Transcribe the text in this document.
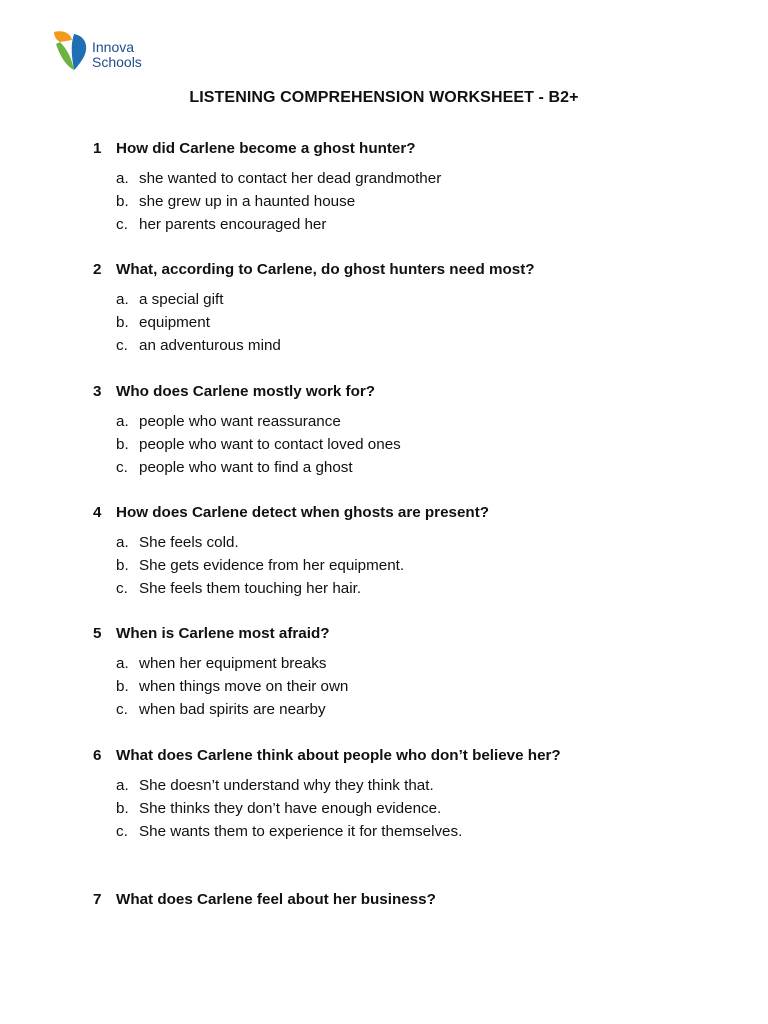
Innova
Schools
LISTENING COMPREHENSION WORKSHEET - B2+
1 How did Carlene become a ghost hunter?
a. she wanted to contact her dead grandmother
b. she grew up in a haunted house
c. her parents encouraged her
2 What, according to Carlene, do ghost hunters need most?
a. a special gift
b. equipment
c. an adventurous mind
3 Who does Carlene mostly work for?
a. people who want reassurance
b. people who want to contact loved ones
c. people who want to find a ghost
4 How does Carlene detect when ghosts are present?
a. She feels cold.
b. She gets evidence from her equipment.
c. She feels them touching her hair.
5 When is Carlene most afraid?
a. when her equipment breaks
b. when things move on their own
c. when bad spirits are nearby
6 What does Carlene think about people who don’t believe her?
a. She doesn’t understand why they think that.
b. She thinks they don’t have enough evidence.
c. She wants them to experience it for themselves.
7 What does Carlene feel about her business?
